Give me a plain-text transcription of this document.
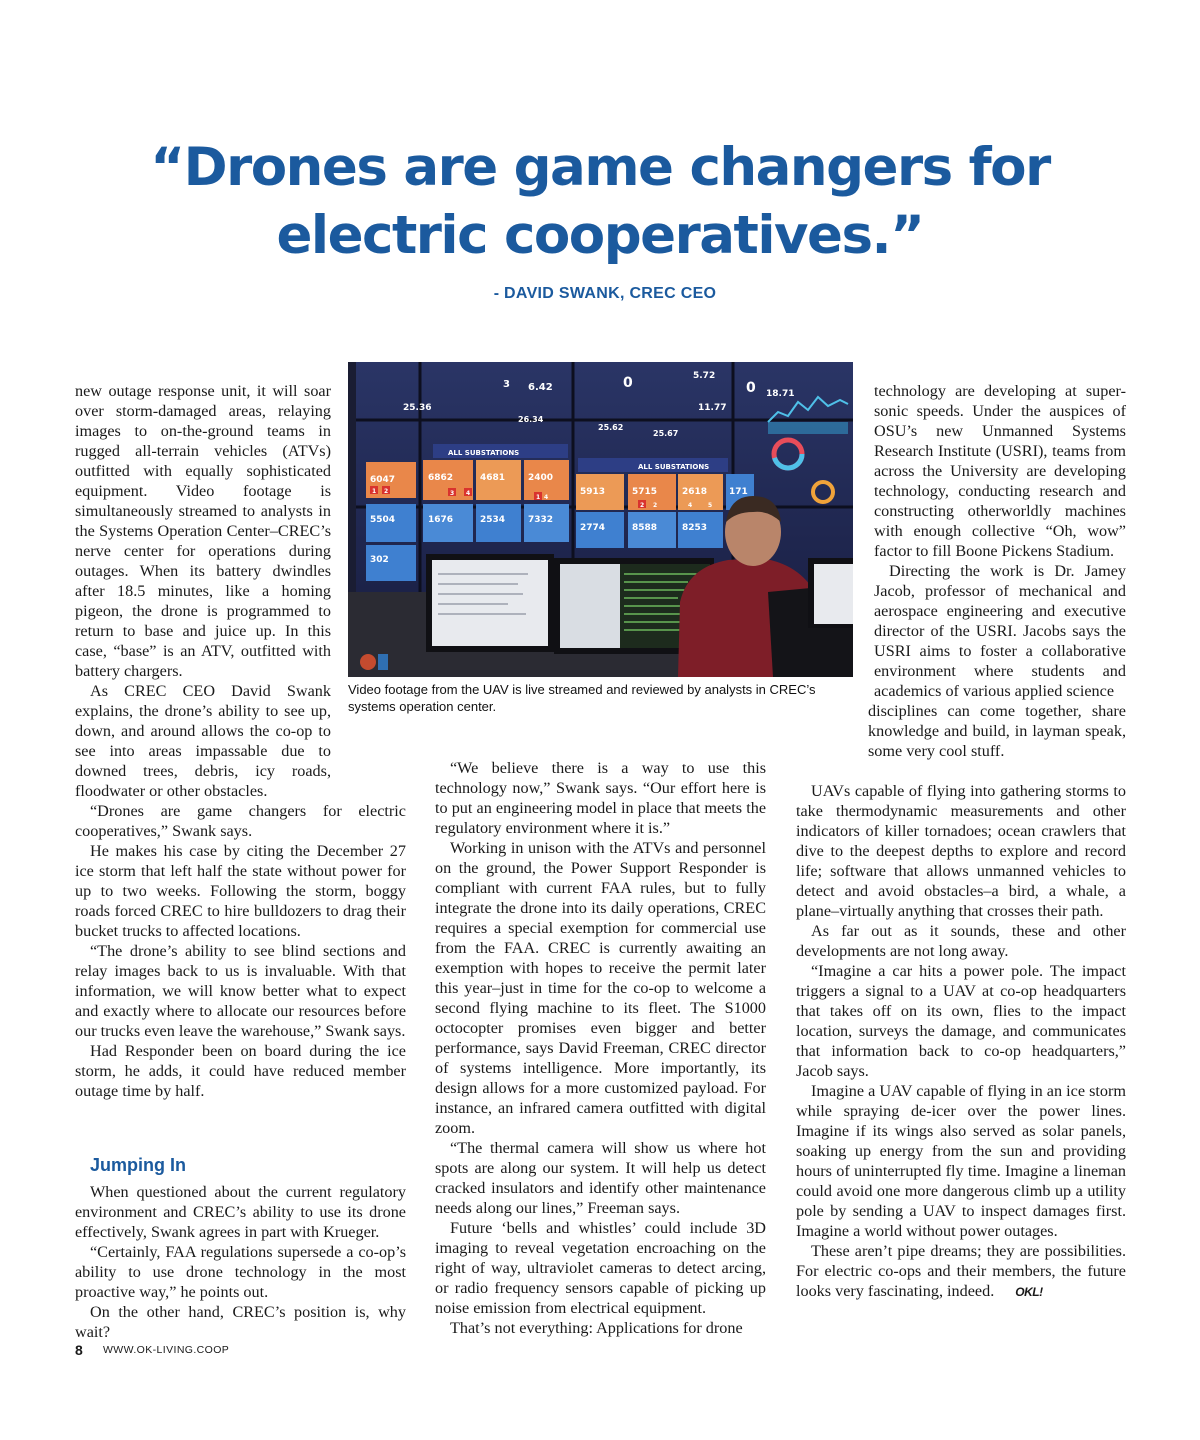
“Drones are game changers for
electric cooperatives.”
- DAVID SWANK, CREC CEO

new outage response unit, it will soar over storm-damaged areas, relaying images to on-the-ground teams in rugged all-terrain vehicles (ATVs) outfitted with equally sophisticated equipment. Video footage is simultaneously streamed to analysts in the Systems Operation Center–CREC’s nerve center for operations during outages. When its battery dwindles after 18.5 minutes, like a homing pigeon, the drone is programmed to return to base and juice up. In this case, “base” is an ATV, outfitted with battery chargers.

As CREC CEO David Swank explains, the drone’s ability to see up, down, and around allows the co-op to see into areas impassable due to downed trees, debris, icy roads, floodwater or other obstacles.

“Drones are game changers for electric cooperatives,” Swank says.

He makes his case by citing the December 27 ice storm that left half the state without power for up to two weeks. Following the storm, boggy roads forced CREC to hire bulldozers to drag their bucket trucks to affected locations.

“The drone’s ability to see blind sections and relay images back to us is invaluable. With that information, we will know better what to expect and exactly where to allocate our resources before our trucks even leave the warehouse,” Swank says.

Had Responder been on board during the ice storm, he adds, it could have reduced member outage time by half.

Jumping In

When questioned about the current regulatory environment and CREC’s ability to use its drone effectively, Swank agrees in part with Krueger.

“Certainly, FAA regulations supersede a co-op’s ability to use drone technology in the most proactive way,” he points out.

On the other hand, CREC’s position is, why wait?

25.36
26.34
6.42
5.72
25.62
25.67
11.77
18.71
0	0
3
ALL SUBSTATIONS
ALL SUBSTATIONS
6047	6862	4681	2400
5913	5715	2618 171
1 2	3 4
1
2
5504	1676	2534	7332
2774	8588	8253
302
4
2	4	5
Video footage from the UAV is live streamed and reviewed by analysts in CREC’s systems operation center.

“We believe there is a way to use this technology now,” Swank says. “Our effort here is to put an engineering model in place that meets the regulatory environment where it is.”

Working in unison with the ATVs and personnel on the ground, the Power Support Responder is compliant with current FAA rules, but to fully integrate the drone into its daily operations, CREC requires a special exemption for commercial use from the FAA. CREC is currently awaiting an exemption with hopes to receive the permit later this year–just in time for the co-op to welcome a second flying machine to its fleet. The S1000 octocopter promises even bigger and better performance, says David Freeman, CREC director of systems intelligence. More importantly, its design allows for a more customized payload. For instance, an infrared camera outfitted with digital zoom.

“The thermal camera will show us where hot spots are along our system. It will help us detect cracked insulators and identify other maintenance needs along our lines,” Freeman says.

Future ‘bells and whistles’ could include 3D imaging to reveal vegetation encroaching on the right of way, ultraviolet cameras to detect arcing, or radio frequency sensors capable of picking up noise emission from electrical equipment.

That’s not everything: Applications for drone

technology are developing at super-sonic speeds. Under the auspices of OSU’s new Unmanned Systems Research Institute (USRI), teams from across the University are developing technology, conducting research and constructing otherworldly machines with enough collective “Oh, wow” factor to fill Boone Pickens Stadium.

Directing the work is Dr. Jamey Jacob, professor of mechanical and aerospace engineering and executive director of the USRI. Jacobs says the USRI aims to foster a collaborative environment where students and academics of various applied science

disciplines can come together, share knowledge and build, in layman speak, some very cool stuff.

UAVs capable of flying into gathering storms to take thermodynamic measurements and other indicators of killer tornadoes; ocean crawlers that dive to the deepest depths to explore and record life; software that allows unmanned vehicles to detect and avoid obstacles–a bird, a whale, a plane–virtually anything that crosses their path.

As far out as it sounds, these and other developments are not long away.

“Imagine a car hits a power pole. The impact triggers a signal to a UAV at co-op headquarters that takes off on its own, flies to the impact location, surveys the damage, and communicates that information back to co-op headquarters,” Jacob says.

Imagine a UAV capable of flying in an ice storm while spraying de-icer over the power lines. Imagine if its wings also served as solar panels, soaking up energy from the sun and providing hours of uninterrupted fly time. Imagine a lineman could avoid one more dangerous climb up a utility pole by sending a UAV to inspect damages first. Imagine a world without power outages.

These aren’t pipe dreams; they are possibilities. For electric co-ops and their members, the future looks very fascinating, indeed. OKL!

8 WWW.OK-LIVING.COOP
